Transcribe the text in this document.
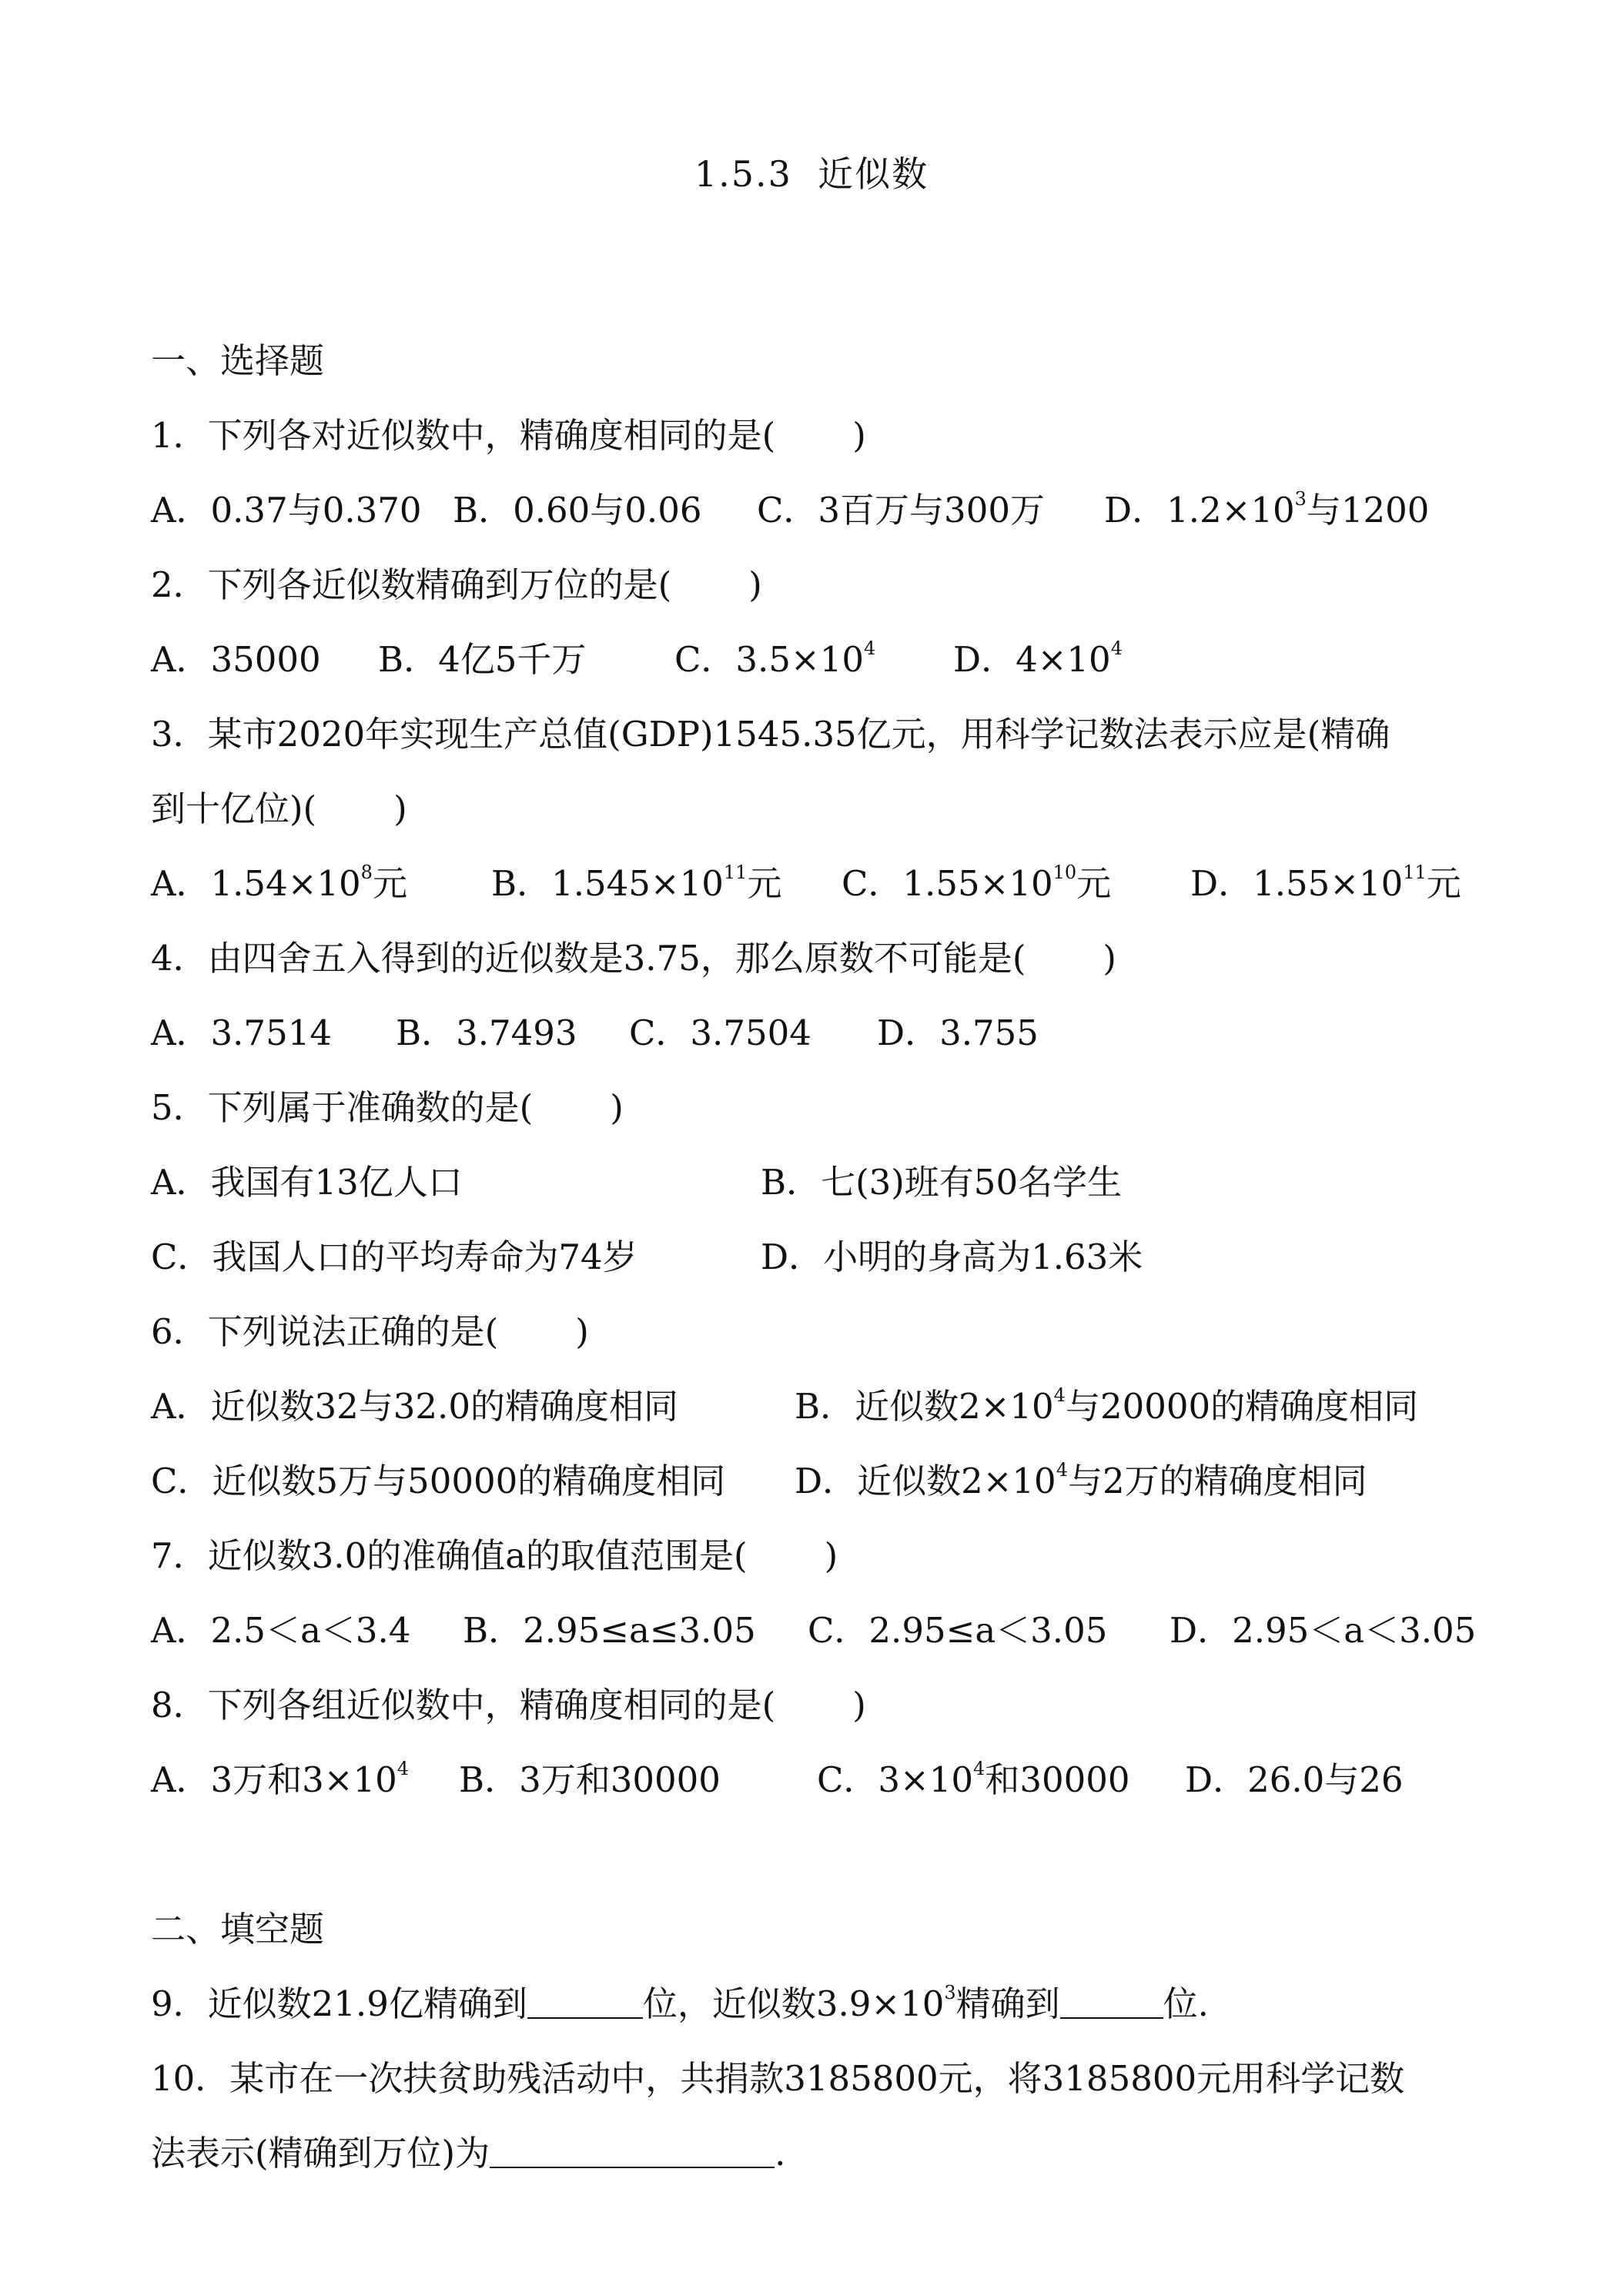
1.5.3  近似数
一、选择题
1．下列各对近似数中，精确度相同的是( )
A．0.37与0.370 B．0.60与0.06 C．3百万与300万 D．$1.2\times 10^3$与1200
2．下列各近似数精确到万位的是( )
A．35000 B．4亿5千万	C．$3.5\times 10^4$ D．$4\times 10^4$
3．某市2020年实现生产总值(GDP)1545.35亿元，用科学记数法表示应是(精确
到十亿位)( )
A．$1.54\times 10^8$元 B．$1.545\times 10^{11}$元 C．$1.55\times 10^{10}$元 D．$1.55\times 10^{11}$元
4．由四舍五入得到的近似数是3.75，那么原数不可能是( )
A．3.7514 B．3.7493 C．3.7504 D．3.755
5．下列属于准确数的是( )
A．我国有13亿人口	B．七(3)班有50名学生
C．我国人口的平均寿命为74岁	D．小明的身高为1.63米
6．下列说法正确的是( )
A．近似数32与32.0的精确度相同	B．近似数$2\times 10^4$与20000的精确度相同
C．近似数5万与50000的精确度相同 D．近似数$2\times 10^4$与2万的精确度相同
7．近似数3.0的准确值a的取值范围是( )
A．2.5＜a＜3.4 B．2.95≤a≤3.05 C．2.95≤a＜3.05 D．2.95＜a＜3.05
8．下列各组近似数中，精确度相同的是( )
A．3万和$3\times 10^4$ B．3万和30000	C．$3\times 10^4$和30000 D．26.0与26
二、填空题
9．近似数21.9亿精确到	位，近似数$3.9\times 10^3$精确到	位.
10．某市在一次扶贫助残活动中，共捐款3185800元，将3185800元用科学记数
法表示(精确到万位)为	.
